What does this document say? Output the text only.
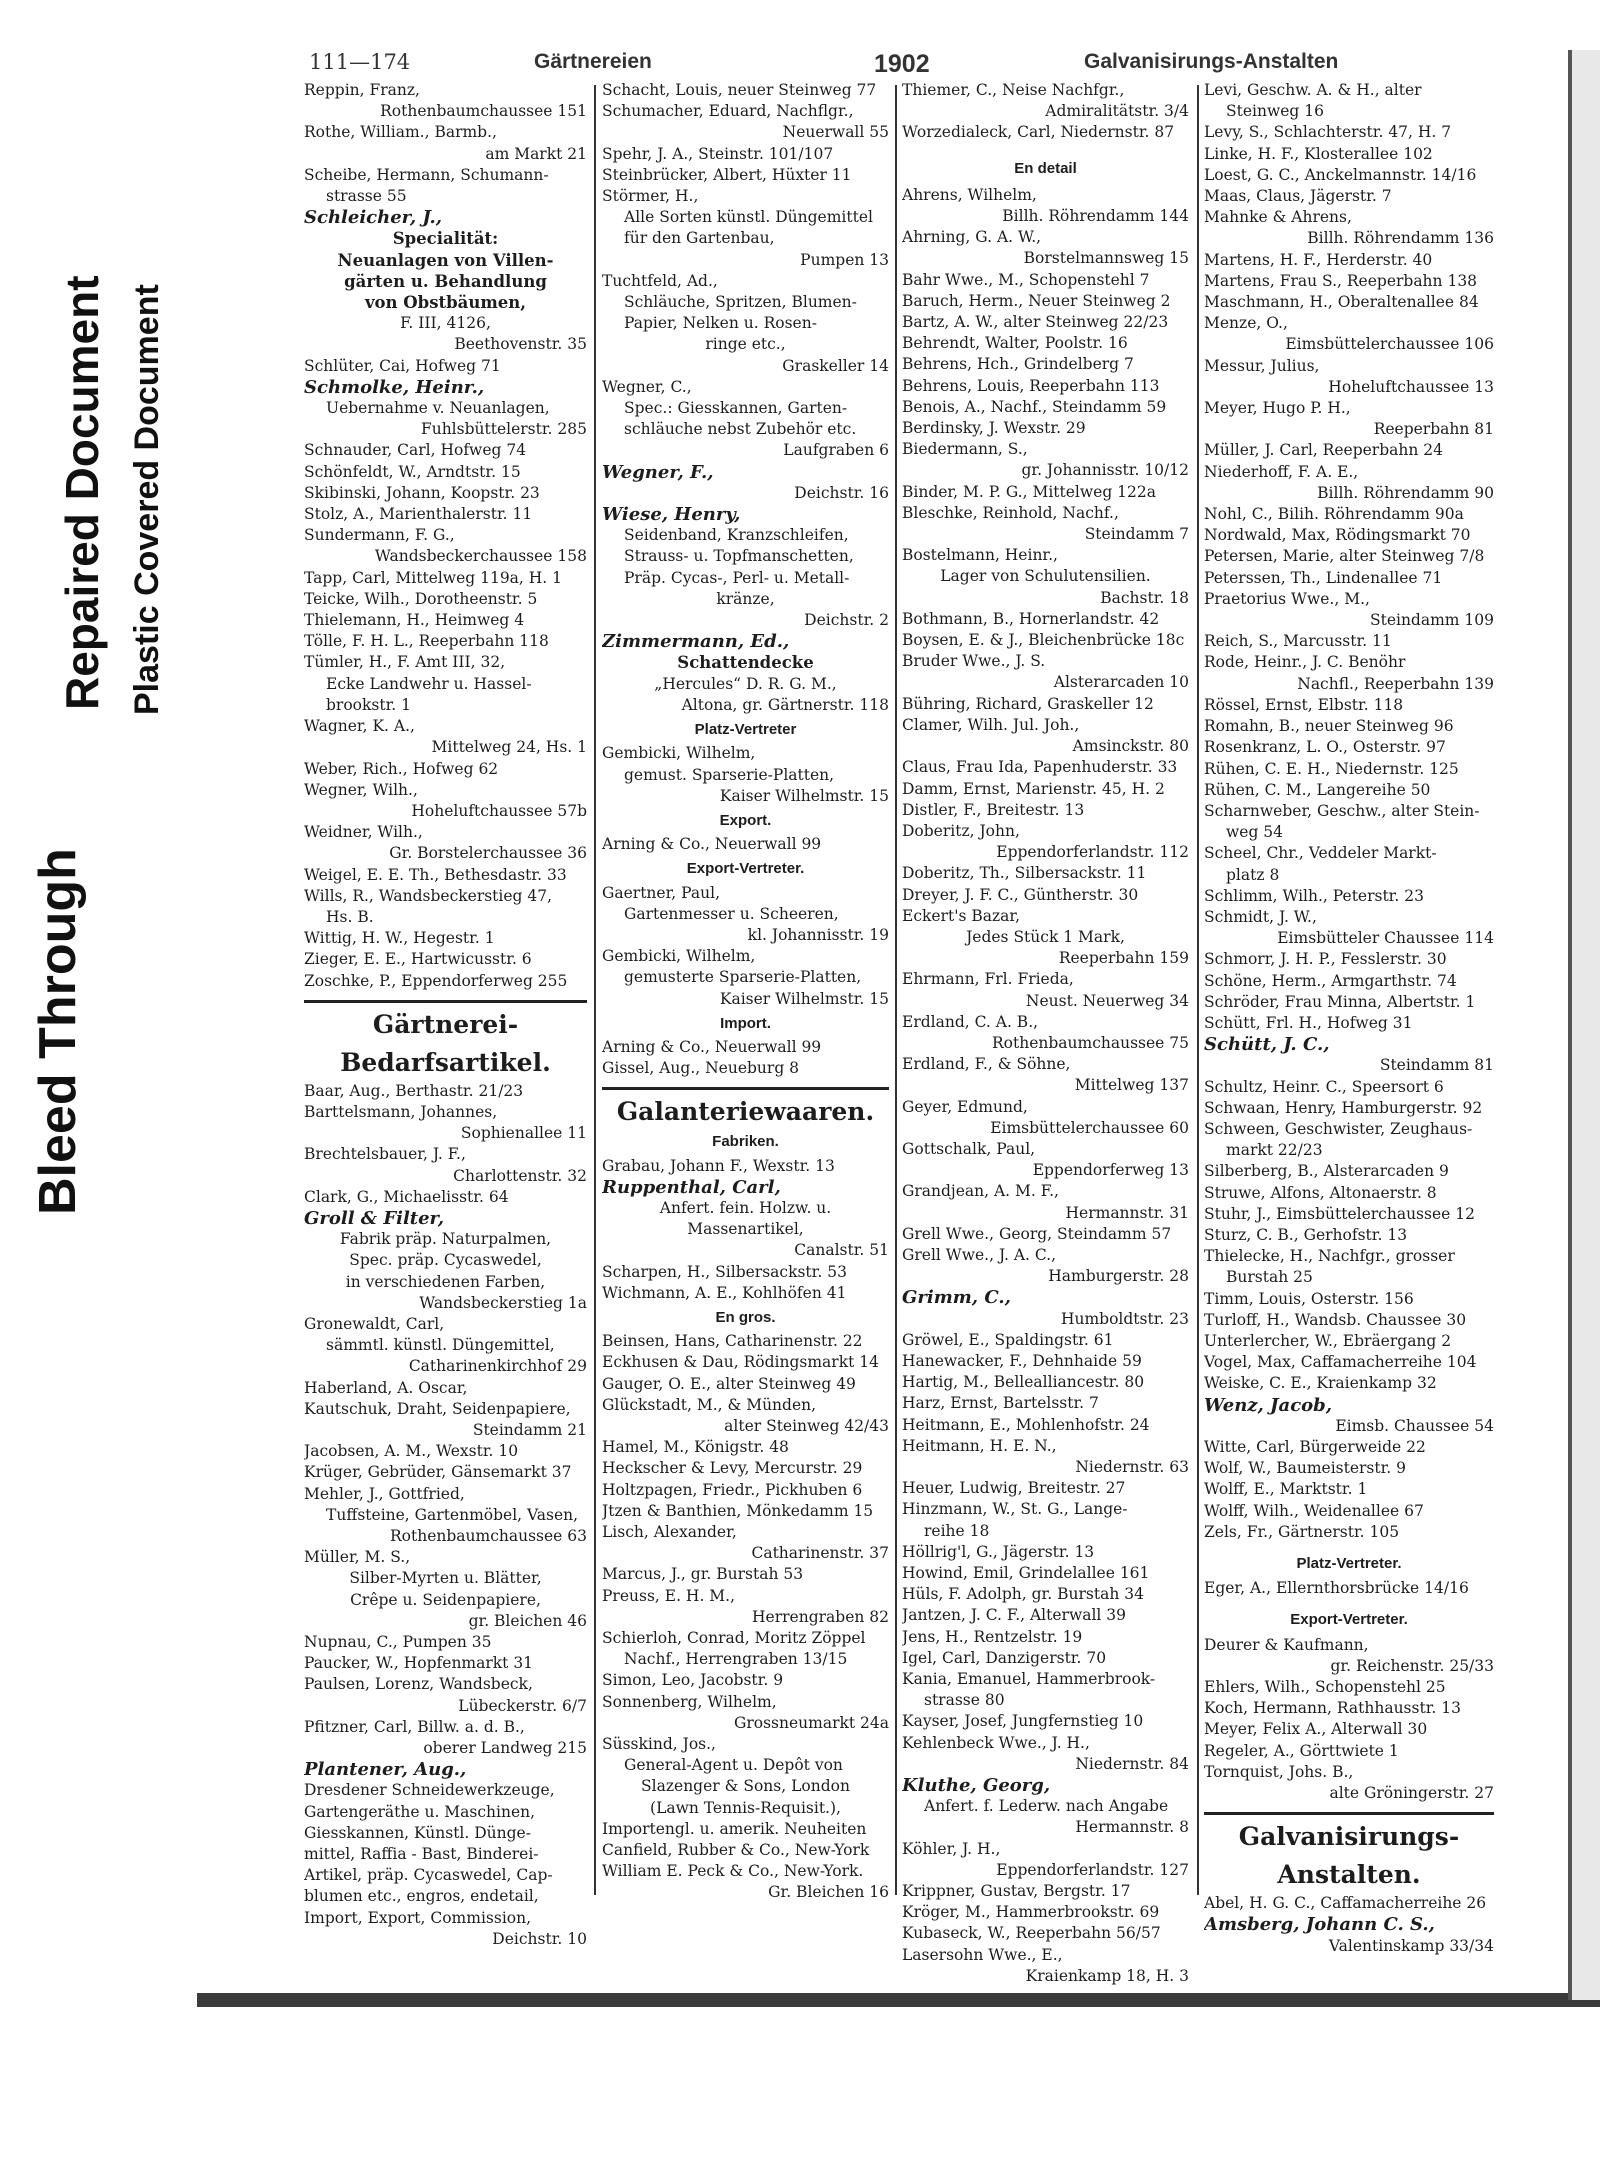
Bleed Through
Repaired Document Plastic Covered Document
111—174	Gärtnereien	1902	Galvanisirungs-Anstalten
Reppin, Franz,
Rothenbaumchaussee 151
Rothe, William., Barmb.,
am Markt 21
Scheibe, Hermann, Schumann-
strasse 55
Schleicher, J.,
Specialität:
Neuanlagen von Villen-
gärten u. Behandlung
von Obstbäumen,
F. III, 4126,
Beethovenstr. 35
Schlüter, Cai, Hofweg 71
Schmolke, Heinr.,
Uebernahme v. Neuanlagen,
Fuhlsbüttelerstr. 285
Schnauder, Carl, Hofweg 74
Schönfeldt, W., Arndtstr. 15
Skibinski, Johann, Koopstr. 23
Stolz, A., Marienthalerstr. 11
Sundermann, F. G.,
Wandsbeckerchaussee 158
Tapp, Carl, Mittelweg 119a, H. 1
Teicke, Wilh., Dorotheenstr. 5
Thielemann, H., Heimweg 4
Tölle, F. H. L., Reeperbahn 118
Tümler, H., F. Amt III, 32,
Ecke Landwehr u. Hassel-
brookstr. 1
Wagner, K. A.,
Mittelweg 24, Hs. 1
Weber, Rich., Hofweg 62
Wegner, Wilh.,
Hoheluftchaussee 57b
Weidner, Wilh.,
Gr. Borstelerchaussee 36
Weigel, E. E. Th., Bethesdastr. 33
Wills, R., Wandsbeckerstieg 47,
Hs. B.
Wittig, H. W., Hegestr. 1
Zieger, E. E., Hartwicusstr. 6
Zoschke, P., Eppendorferweg 255
Gärtnerei-
Bedarfsartikel.
Baar, Aug., Berthastr. 21/23
Barttelsmann, Johannes,
Sophienallee 11
Brechtelsbauer, J. F.,
Charlottenstr. 32
Clark, G., Michaelisstr. 64
Groll & Filter,
Fabrik präp. Naturpalmen,
Spec. präp. Cycaswedel,
in verschiedenen Farben,
Wandsbeckerstieg 1a
Gronewaldt, Carl,
sämmtl. künstl. Düngemittel,
Catharinenkirchhof 29
Haberland, A. Oscar,
Kautschuk, Draht, Seidenpapiere,
Steindamm 21
Jacobsen, A. M., Wexstr. 10
Krüger, Gebrüder, Gänsemarkt 37
Mehler, J., Gottfried,
Tuffsteine, Gartenmöbel, Vasen,
Rothenbaumchaussee 63
Müller, M. S.,
Silber-Myrten u. Blätter,
Crêpe u. Seidenpapiere,
gr. Bleichen 46
Nupnau, C., Pumpen 35
Paucker, W., Hopfenmarkt 31
Paulsen, Lorenz, Wandsbeck,
Lübeckerstr. 6/7
Pfitzner, Carl, Billw. a. d. B.,
oberer Landweg 215
Plantener, Aug.,
Dresdener Schneidewerkzeuge,
Gartengeräthe u. Maschinen,
Giesskannen, Künstl. Dünge-
mittel, Raffia - Bast, Binderei-
Artikel, präp. Cycaswedel, Cap-
blumen etc., engros, endetail,
Import, Export, Commission,
Deichstr. 10
Schacht, Louis, neuer Steinweg 77
Schumacher, Eduard, Nachflgr.,
Neuerwall 55
Spehr, J. A., Steinstr. 101/107
Steinbrücker, Albert, Hüxter 11
Störmer, H.,
Alle Sorten künstl. Düngemittel
für den Gartenbau,
Pumpen 13
Tuchtfeld, Ad.,
Schläuche, Spritzen, Blumen-
Papier, Nelken u. Rosen-
ringe etc.,
Graskeller 14
Wegner, C.,
Spec.: Giesskannen, Garten-
schläuche nebst Zubehör etc.
Laufgraben 6
Wegner, F.,
Deichstr. 16
Wiese, Henry,
Seidenband, Kranzschleifen,
Strauss- u. Topfmanschetten,
Präp. Cycas-, Perl- u. Metall-
kränze,
Deichstr. 2
Zimmermann, Ed.,
Schattendecke
„Hercules“ D. R. G. M.,
Altona, gr. Gärtnerstr. 118
Platz-Vertreter
Gembicki, Wilhelm,
gemust. Sparserie-Platten,
Kaiser Wilhelmstr. 15
Export.
Arning & Co., Neuerwall 99
Export-Vertreter.
Gaertner, Paul,
Gartenmesser u. Scheeren,
kl. Johannisstr. 19
Gembicki, Wilhelm,
gemusterte Sparserie-Platten,
Kaiser Wilhelmstr. 15
Import.
Arning & Co., Neuerwall 99
Gissel, Aug., Neueburg 8
Galanteriewaaren.
Fabriken.
Grabau, Johann F., Wexstr. 13
Ruppenthal, Carl,
Anfert. fein. Holzw. u.
Massenartikel,
Canalstr. 51
Scharpen, H., Silbersackstr. 53
Wichmann, A. E., Kohlhöfen 41
En gros.
Beinsen, Hans, Catharinenstr. 22
Eckhusen & Dau, Rödingsmarkt 14
Gauger, O. E., alter Steinweg 49
Glückstadt, M., & Münden,
alter Steinweg 42/43
Hamel, M., Königstr. 48
Heckscher & Levy, Mercurstr. 29
Holtzpagen, Friedr., Pickhuben 6
Jtzen & Banthien, Mönkedamm 15
Lisch, Alexander,
Catharinenstr. 37
Marcus, J., gr. Burstah 53
Preuss, E. H. M.,
Herrengraben 82
Schierloh, Conrad, Moritz Zöppel
Nachf., Herrengraben 13/15
Simon, Leo, Jacobstr. 9
Sonnenberg, Wilhelm,
Grossneumarkt 24a
Süsskind, Jos.,
General-Agent u. Depôt von
Slazenger & Sons, London
(Lawn Tennis-Requisit.),
Importengl. u. amerik. Neuheiten
Canfield, Rubber & Co., New-York
William E. Peck & Co., New-York.
Gr. Bleichen 16
Thiemer, C., Neise Nachfgr.,
Admiralitätstr. 3/4
Worzedialeck, Carl, Niedernstr. 87
En detail
Ahrens, Wilhelm,
Billh. Röhrendamm 144
Ahrning, G. A. W.,
Borstelmannsweg 15
Bahr Wwe., M., Schopenstehl 7
Baruch, Herm., Neuer Steinweg 2
Bartz, A. W., alter Steinweg 22/23
Behrendt, Walter, Poolstr. 16
Behrens, Hch., Grindelberg 7
Behrens, Louis, Reeperbahn 113
Benois, A., Nachf., Steindamm 59
Berdinsky, J. Wexstr. 29
Biedermann, S.,
gr. Johannisstr. 10/12
Binder, M. P. G., Mittelweg 122a
Bleschke, Reinhold, Nachf.,
Steindamm 7
Bostelmann, Heinr.,
Lager von Schulutensilien.
Bachstr. 18
Bothmann, B., Hornerlandstr. 42
Boysen, E. & J., Bleichenbrücke 18c
Bruder Wwe., J. S.
Alsterarcaden 10
Bühring, Richard, Graskeller 12
Clamer, Wilh. Jul. Joh.,
Amsinckstr. 80
Claus, Frau Ida, Papenhuderstr. 33
Damm, Ernst, Marienstr. 45, H. 2
Distler, F., Breitestr. 13
Doberitz, John,
Eppendorferlandstr. 112
Doberitz, Th., Silbersackstr. 11
Dreyer, J. F. C., Güntherstr. 30
Eckert's Bazar,
Jedes Stück 1 Mark,
Reeperbahn 159
Ehrmann, Frl. Frieda,
Neust. Neuerweg 34
Erdland, C. A. B.,
Rothenbaumchaussee 75
Erdland, F., & Söhne,
Mittelweg 137
Geyer, Edmund,
Eimsbüttelerchaussee 60
Gottschalk, Paul,
Eppendorferweg 13
Grandjean, A. M. F.,
Hermannstr. 31
Grell Wwe., Georg, Steindamm 57
Grell Wwe., J. A. C.,
Hamburgerstr. 28
Grimm, C.,
Humboldtstr. 23
Gröwel, E., Spaldingstr. 61
Hanewacker, F., Dehnhaide 59
Hartig, M., Bellealliancestr. 80
Harz, Ernst, Bartelsstr. 7
Heitmann, E., Mohlenhofstr. 24
Heitmann, H. E. N.,
Niedernstr. 63
Heuer, Ludwig, Breitestr. 27
Hinzmann, W., St. G., Lange-
reihe 18
Höllrig'l, G., Jägerstr. 13
Howind, Emil, Grindelallee 161
Hüls, F. Adolph, gr. Burstah 34
Jantzen, J. C. F., Alterwall 39
Jens, H., Rentzelstr. 19
Igel, Carl, Danzigerstr. 70
Kania, Emanuel, Hammerbrook-
strasse 80
Kayser, Josef, Jungfernstieg 10
Kehlenbeck Wwe., J. H.,
Niedernstr. 84
Kluthe, Georg,
Anfert. f. Lederw. nach Angabe
Hermannstr. 8
Köhler, J. H.,
Eppendorferlandstr. 127
Krippner, Gustav, Bergstr. 17
Kröger, M., Hammerbrookstr. 69
Kubaseck, W., Reeperbahn 56/57
Lasersohn Wwe., E.,
Kraienkamp 18, H. 3
Levi, Geschw. A. & H., alter
Steinweg 16
Levy, S., Schlachterstr. 47, H. 7
Linke, H. F., Klosterallee 102
Loest, G. C., Anckelmannstr. 14/16
Maas, Claus, Jägerstr. 7
Mahnke & Ahrens,
Billh. Röhrendamm 136
Martens, H. F., Herderstr. 40
Martens, Frau S., Reeperbahn 138
Maschmann, H., Oberaltenallee 84
Menze, O.,
Eimsbüttelerchaussee 106
Messur, Julius,
Hoheluftchaussee 13
Meyer, Hugo P. H.,
Reeperbahn 81
Müller, J. Carl, Reeperbahn 24
Niederhoff, F. A. E.,
Billh. Röhrendamm 90
Nohl, C., Bilih. Röhrendamm 90a
Nordwald, Max, Rödingsmarkt 70
Petersen, Marie, alter Steinweg 7/8
Peterssen, Th., Lindenallee 71
Praetorius Wwe., M.,
Steindamm 109
Reich, S., Marcusstr. 11
Rode, Heinr., J. C. Benöhr
Nachfl., Reeperbahn 139
Rössel, Ernst, Elbstr. 118
Romahn, B., neuer Steinweg 96
Rosenkranz, L. O., Osterstr. 97
Rühen, C. E. H., Niedernstr. 125
Rühen, C. M., Langereihe 50
Scharnweber, Geschw., alter Stein-
weg 54
Scheel, Chr., Veddeler Markt-
platz 8
Schlimm, Wilh., Peterstr. 23
Schmidt, J. W.,
Eimsbütteler Chaussee 114
Schmorr, J. H. P., Fesslerstr. 30
Schöne, Herm., Armgarthstr. 74
Schröder, Frau Minna, Albertstr. 1
Schütt, Frl. H., Hofweg 31
Schütt, J. C.,
Steindamm 81
Schultz, Heinr. C., Speersort 6
Schwaan, Henry, Hamburgerstr. 92
Schween, Geschwister, Zeughaus-
markt 22/23
Silberberg, B., Alsterarcaden 9
Struwe, Alfons, Altonaerstr. 8
Stuhr, J., Eimsbüttelerchaussee 12
Sturz, C. B., Gerhofstr. 13
Thielecke, H., Nachfgr., grosser
Burstah 25
Timm, Louis, Osterstr. 156
Turloff, H., Wandsb. Chaussee 30
Unterlercher, W., Ebräergang 2
Vogel, Max, Caffamacherreihe 104
Weiske, C. E., Kraienkamp 32
Wenz, Jacob,
Eimsb. Chaussee 54
Witte, Carl, Bürgerweide 22
Wolf, W., Baumeisterstr. 9
Wolff, E., Marktstr. 1
Wolff, Wilh., Weidenallee 67
Zels, Fr., Gärtnerstr. 105
Platz-Vertreter.
Eger, A., Ellernthorsbrücke 14/16
Export-Vertreter.
Deurer & Kaufmann,
gr. Reichenstr. 25/33
Ehlers, Wilh., Schopenstehl 25
Koch, Hermann, Rathhausstr. 13
Meyer, Felix A., Alterwall 30
Regeler, A., Görttwiete 1
Tornquist, Johs. B.,
alte Gröningerstr. 27
Galvanisirungs-
Anstalten.
Abel, H. G. C., Caffamacherreihe 26
Amsberg, Johann C. S.,
Valentinskamp 33/34
